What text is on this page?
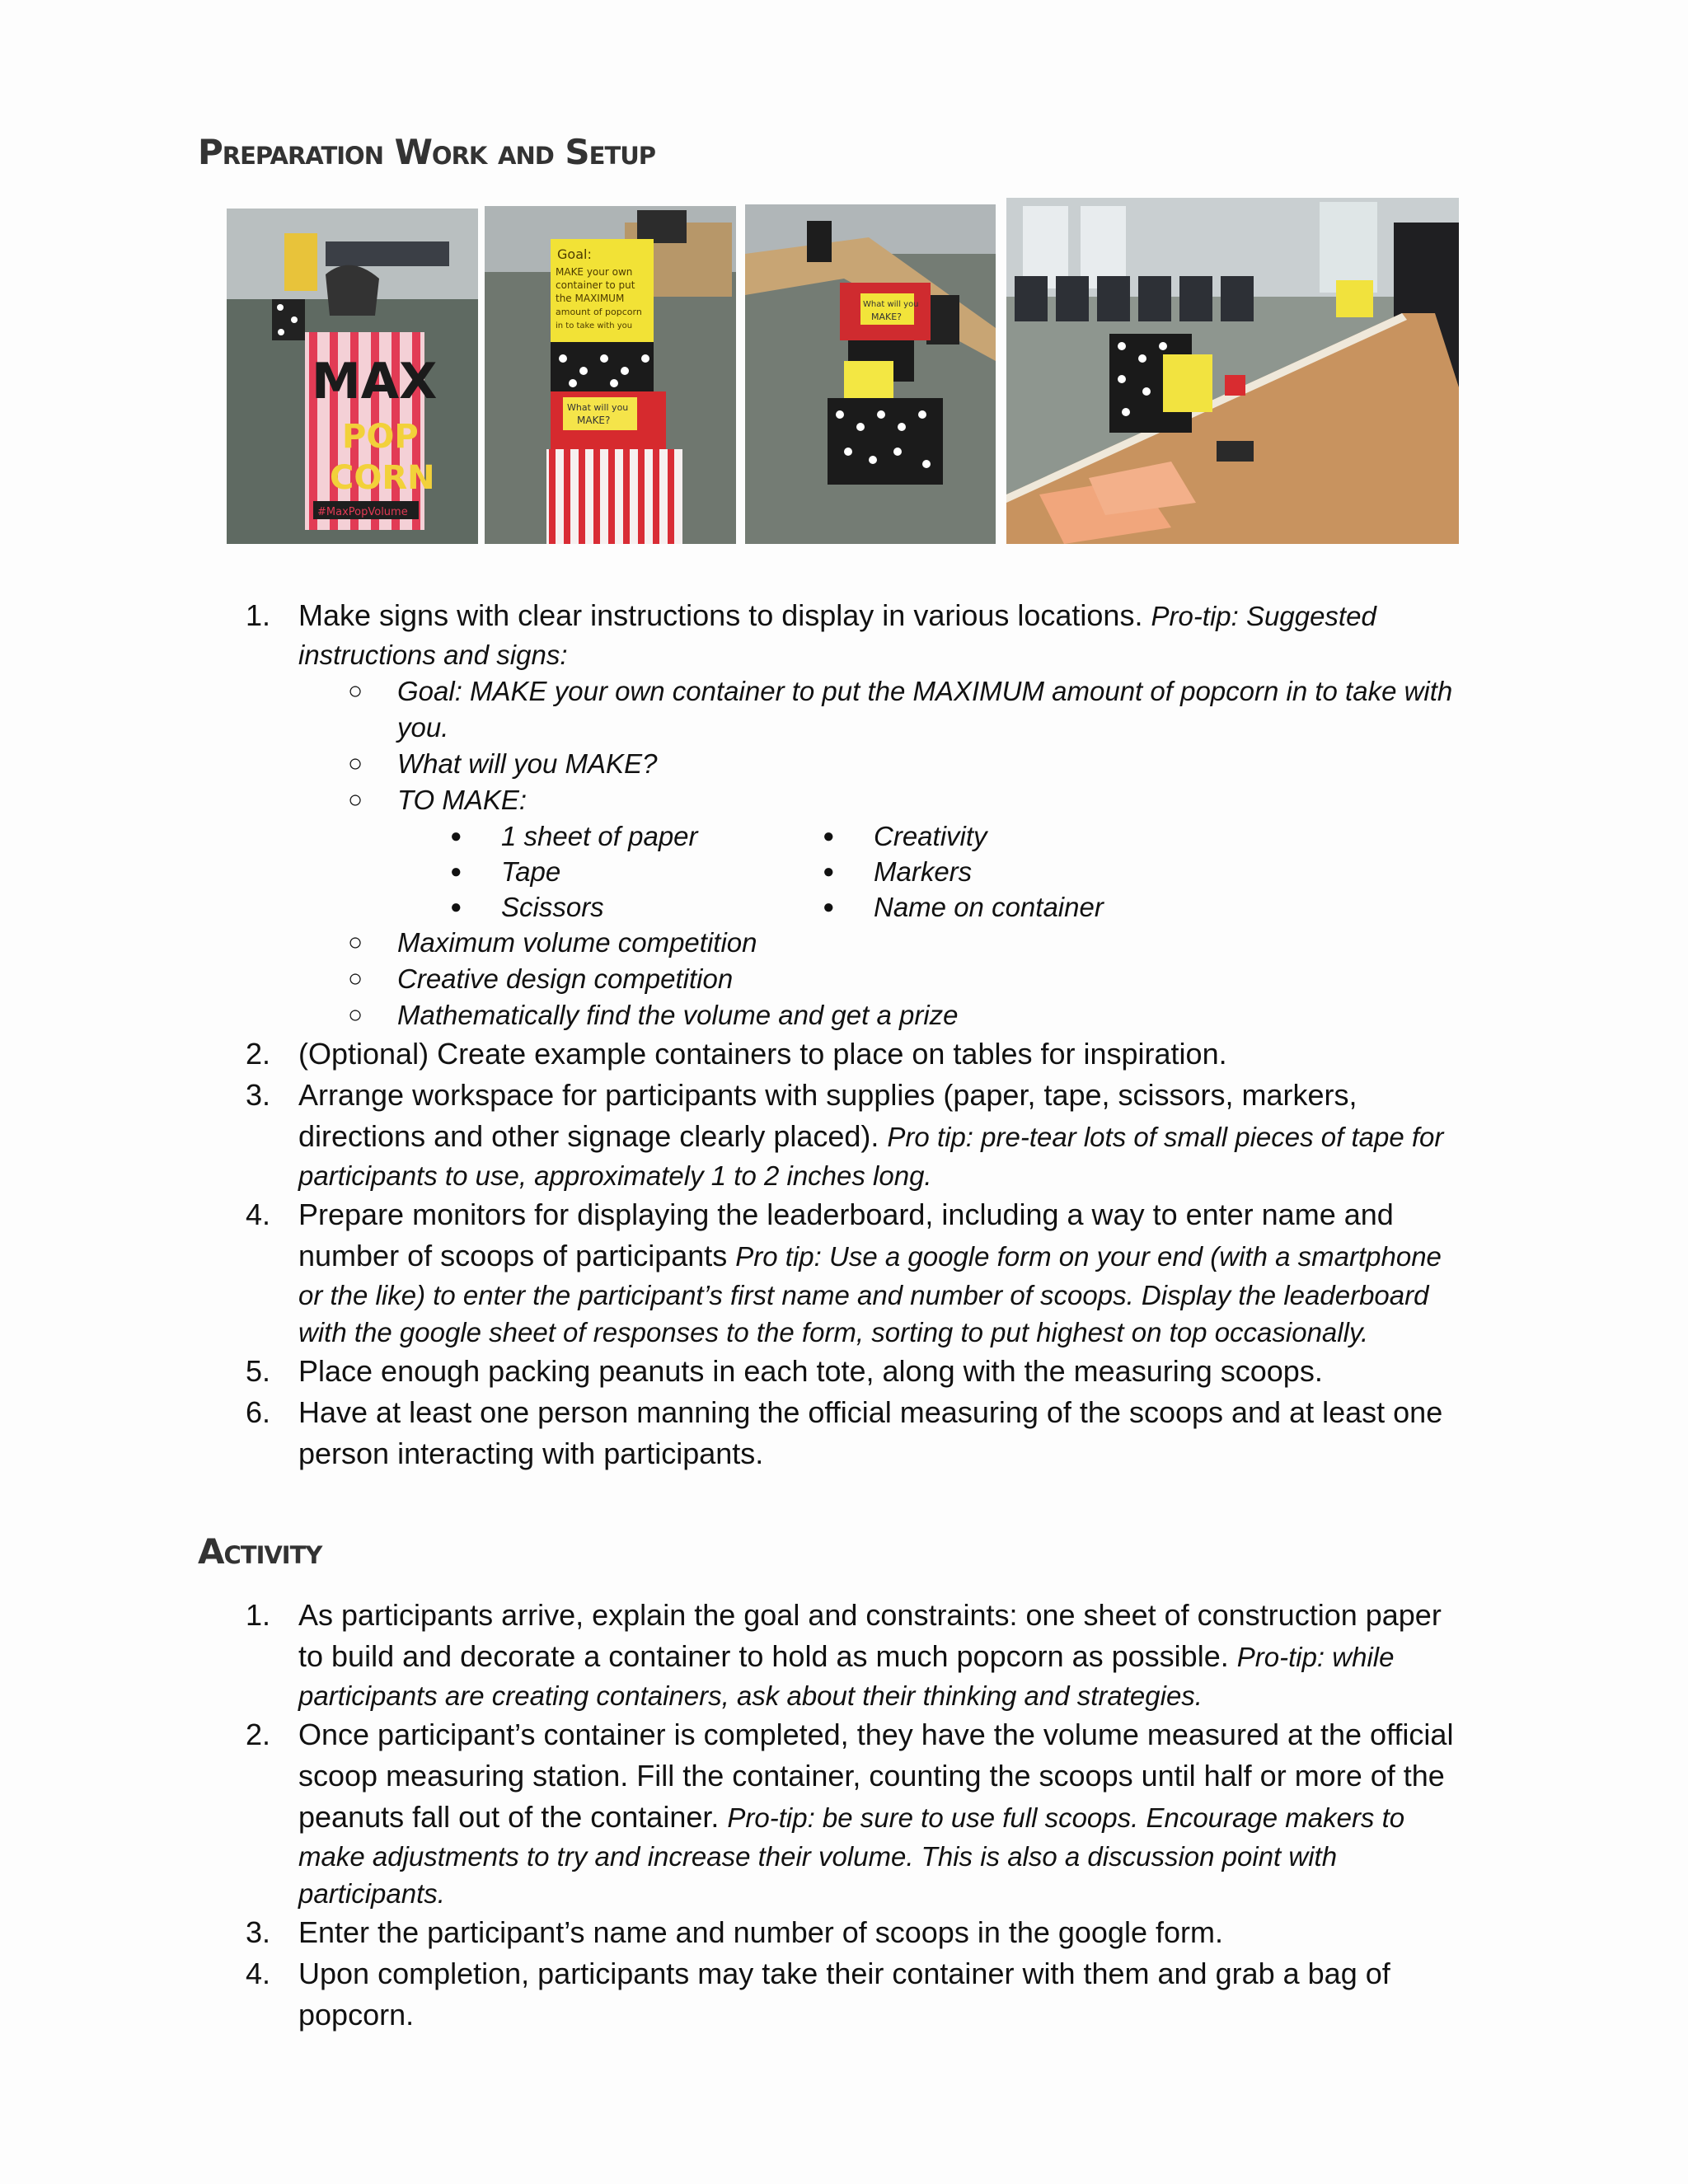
Preparation Work and Setup
MAX
POP
CORN
#MaxPopVolume
Goal:
MAKE your own
container to put
the MAXIMUM
amount of popcorn
in to take with you
What will you
MAKE?
What will you
MAKE?
1. Make signs with clear instructions to display in various locations. Pro-tip: Suggested
instructions and signs:
○ Goal: MAKE your own container to put the MAXIMUM amount of popcorn in to take with
you.
○ What will you MAKE?
○ TO MAKE:
● 1 sheet of paper
● Tape
● Scissors
● Creativity
● Markers
● Name on container
○ Maximum volume competition
○ Creative design competition
○ Mathematically find the volume and get a prize
2. (Optional) Create example containers to place on tables for inspiration.
3. Arrange workspace for participants with supplies (paper, tape, scissors, markers,
directions and other signage clearly placed). Pro tip: pre-tear lots of small pieces of tape for
participants to use, approximately 1 to 2 inches long.
4. Prepare monitors for displaying the leaderboard, including a way to enter name and
number of scoops of participants Pro tip: Use a google form on your end (with a smartphone
or the like) to enter the participant’s first name and number of scoops. Display the leaderboard
with the google sheet of responses to the form, sorting to put highest on top occasionally.
5. Place enough packing peanuts in each tote, along with the measuring scoops.
6. Have at least one person manning the official measuring of the scoops and at least one
person interacting with participants.
Activity
1. As participants arrive, explain the goal and constraints: one sheet of construction paper
to build and decorate a container to hold as much popcorn as possible. Pro-tip: while
participants are creating containers, ask about their thinking and strategies.
2. Once participant’s container is completed, they have the volume measured at the official
scoop measuring station. Fill the container, counting the scoops until half or more of the
peanuts fall out of the container. Pro-tip: be sure to use full scoops. Encourage makers to
make adjustments to try and increase their volume. This is also a discussion point with
participants.
3. Enter the participant’s name and number of scoops in the google form.
4. Upon completion, participants may take their container with them and grab a bag of
popcorn.
